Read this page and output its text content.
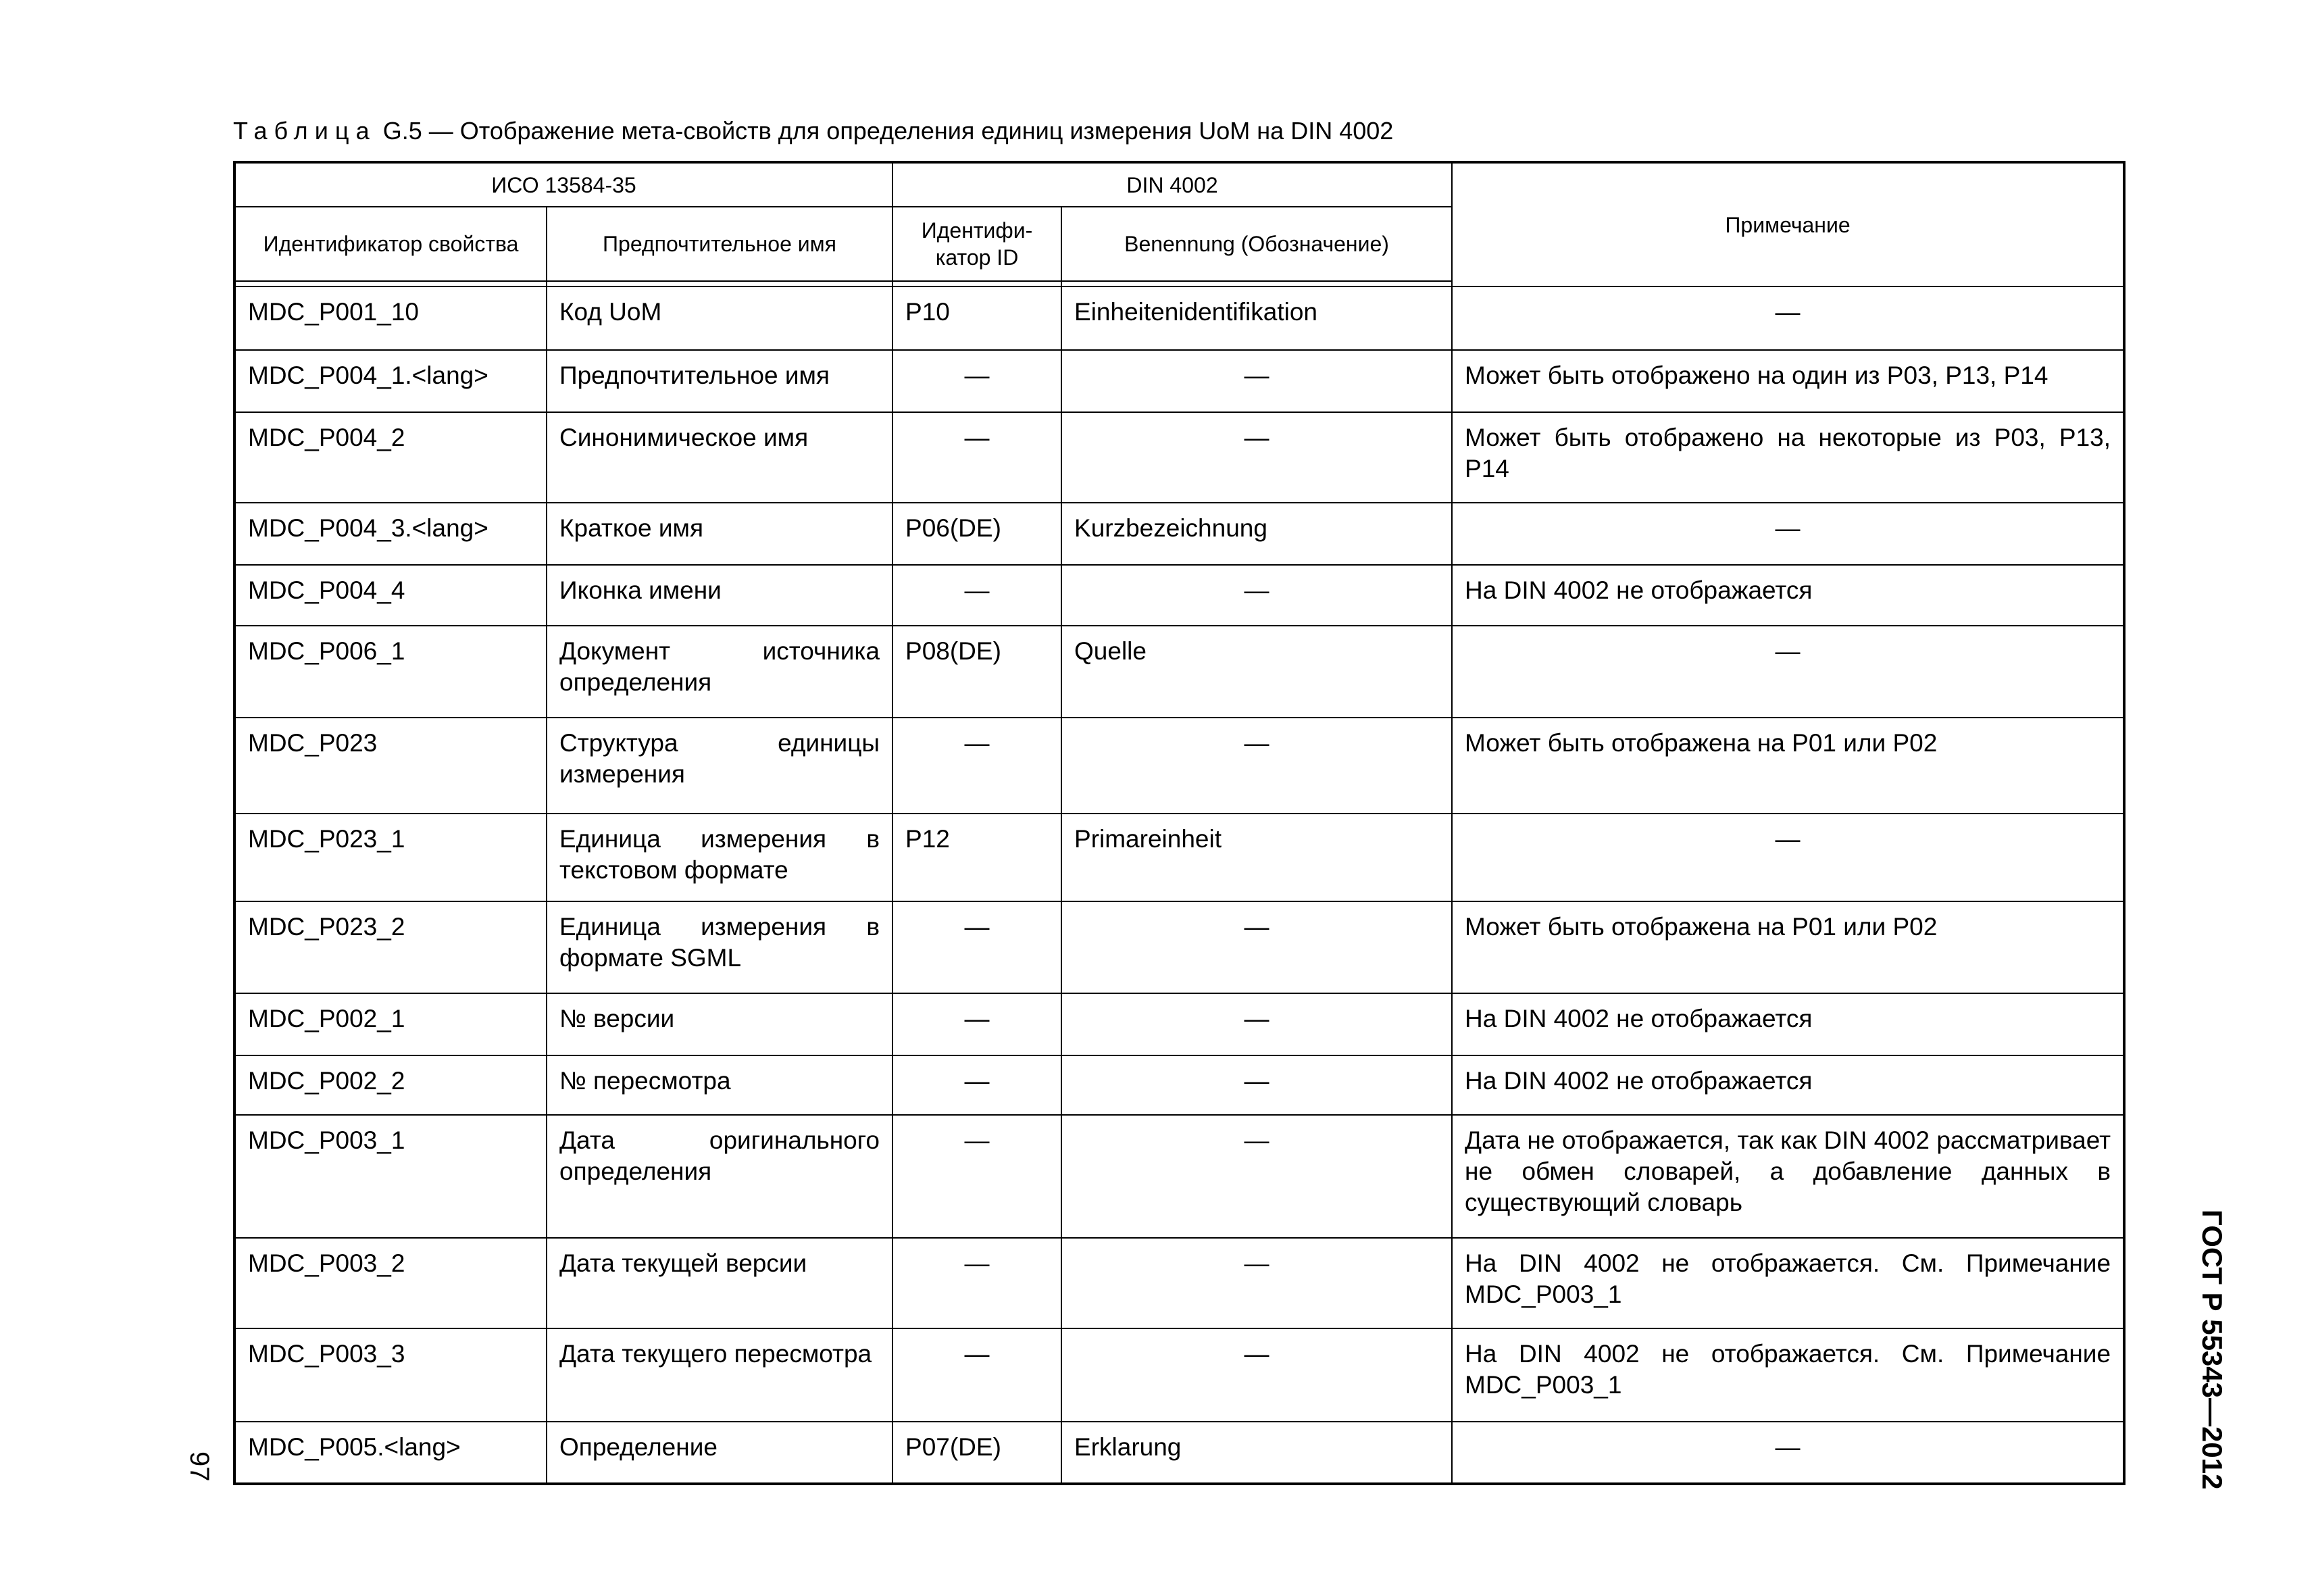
Таблица G.5 — Отображение мета-свойств для определения единиц измерения UoM на DIN 4002
ИСО 13584-35		DIN 4002		Примечание
Идентификатор свойства	Предпочтительное имя	Идентифи-катор ID	Benennung (Обозначение)	

MDC_P001_10	Код UoM	P10	Einheitenidentifikation	—
MDC_P004_1.<lang>	Предпочтительное имя	—	—	Может быть отображено на один из P03, P13, P14
MDC_P004_2	Синонимическое имя	—	—	Может быть отображено на некоторые из P03, P13, P14
MDC_P004_3.<lang>	Краткое имя	P06(DE)	Kurzbezeichnung	—
MDC_P004_4	Иконка имени	—	—	На DIN 4002 не отображается
MDC_P006_1	Документ источника определения	P08(DE)	Quelle	—
MDC_P023	Структура единицы измерения	—	—	Может быть отображена на P01 или P02
MDC_P023_1	Единица измерения в текстовом формате	P12	Primareinheit	—
MDC_P023_2	Единица измерения в формате SGML	—	—	Может быть отображена на P01 или P02
MDC_P002_1	№ версии	—	—	На DIN 4002 не отображается
MDC_P002_2	№ пересмотра	—	—	На DIN 4002 не отображается
MDC_P003_1	Дата оригинального определения	—	—	Дата не отображается, так как DIN 4002 рассматривает не обмен словарей, а добавление данных в существующий словарь
MDC_P003_2	Дата текущей версии	—	—	На DIN 4002 не отображается. См. Примечание MDC_P003_1
MDC_P003_3	Дата текущего пересмотра	—	—	На DIN 4002 не отображается. См. Примечание MDC_P003_1
MDC_P005.<lang>	Определение	P07(DE)	Erklarung	—	ГОСТ Р 55343—2012
97
